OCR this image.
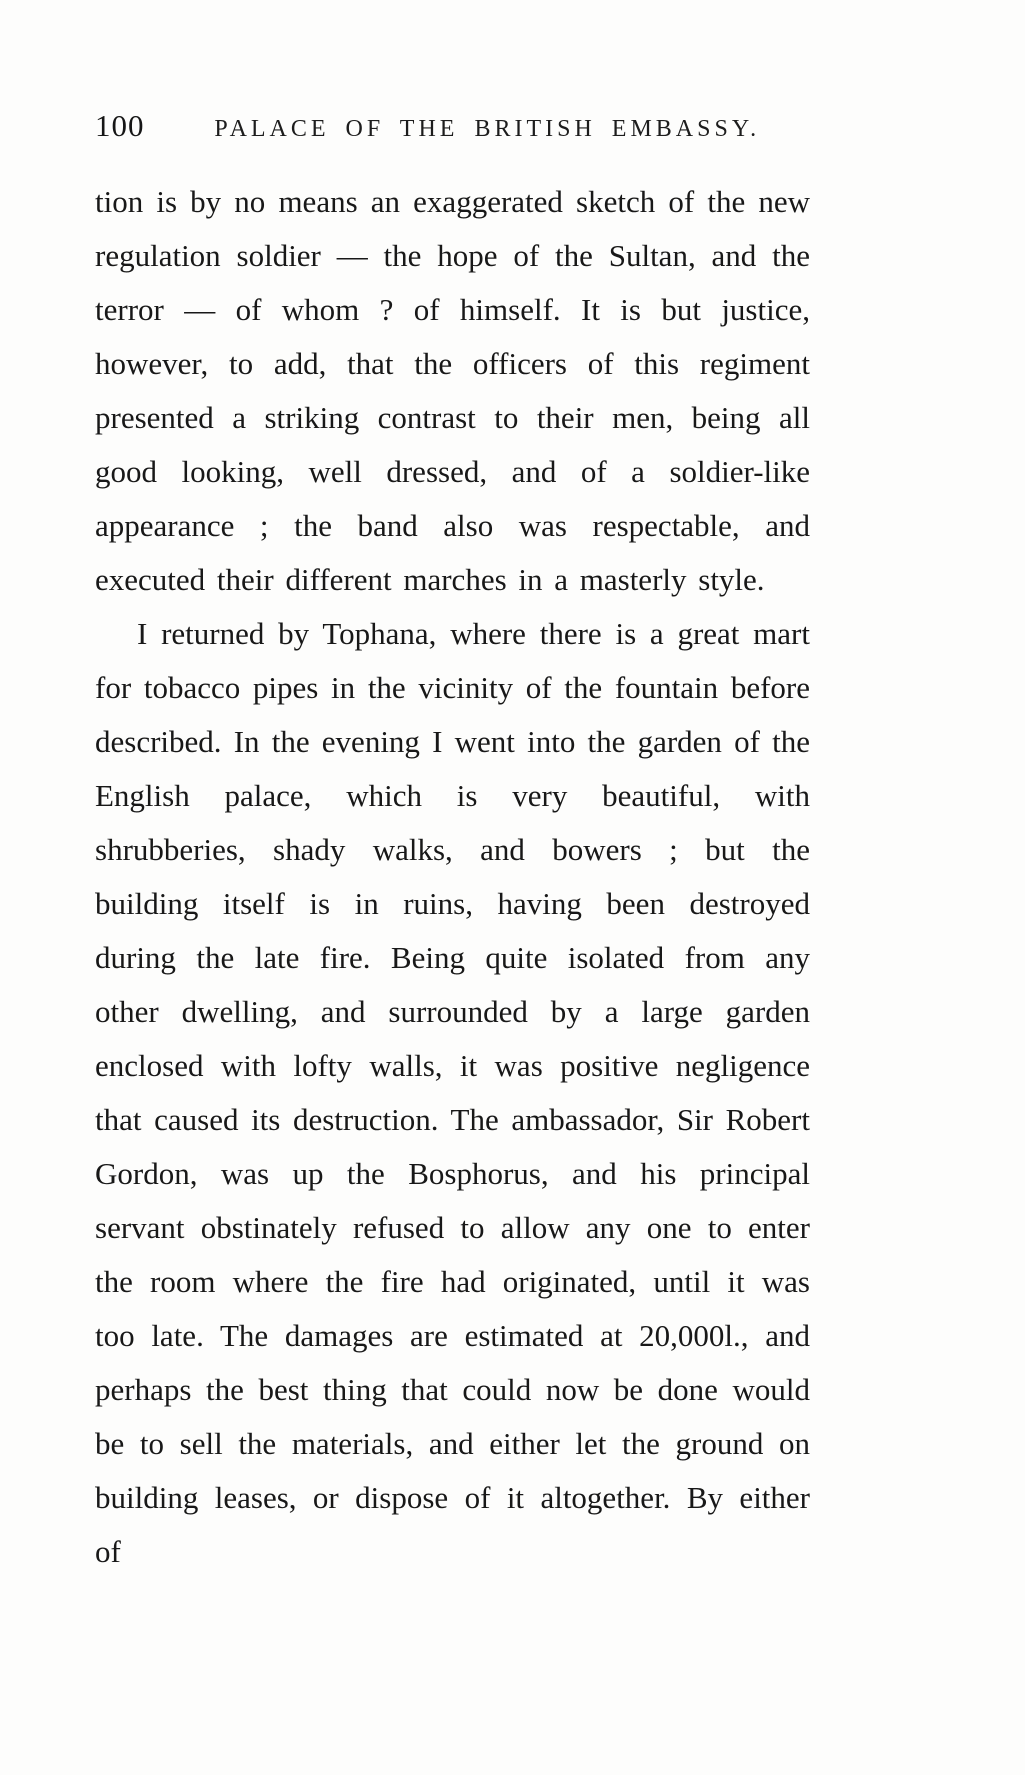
100	PALACE OF THE BRITISH EMBASSY.

tion is by no means an exaggerated sketch of the new regulation soldier — the hope of the Sultan, and the terror — of whom ? of himself. It is but justice, however, to add, that the officers of this regiment presented a striking contrast to their men, being all good looking, well dressed, and of a soldier-like appearance ; the band also was respectable, and executed their different marches in a masterly style.

I returned by Tophana, where there is a great mart for tobacco pipes in the vicinity of the fountain before described. In the evening I went into the garden of the English palace, which is very beautiful, with shrubberies, shady walks, and bowers ; but the building itself is in ruins, having been destroyed during the late fire. Being quite isolated from any other dwelling, and surrounded by a large garden enclosed with lofty walls, it was positive negligence that caused its destruction. The ambassador, Sir Robert Gordon, was up the Bosphorus, and his principal servant obstinately refused to allow any one to enter the room where the fire had originated, until it was too late. The damages are estimated at 20,000l., and perhaps the best thing that could now be done would be to sell the materials, and either let the ground on building leases, or dispose of it altogether. By either of
